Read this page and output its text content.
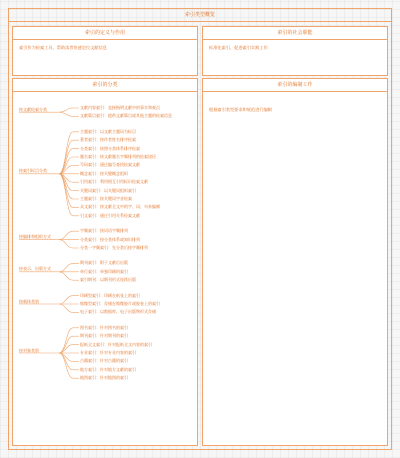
索引类型概览
索引的定义与作用
索引作为检索工具，帮助读者快速定位文献信息
索引的社会职能
标准化索引，促进索引实践工作
索引的分类
按文献检索分类	文献内容索引：直接指明文献中的事实和观点
文献篇目索引：提供文献篇目或其他主题的检索信息
按索引标目分类
主题索引：以文献主题词为标目
著者索引：按作者姓名排序检索
分类索引：按照分类体系排序检索
题名索引：按文献题名字顺排列的检索途径
号码索引：通过编号查找检索文献
概念索引：按关键概念组织
引用索引：利用相互引用标识检索文献
关键词索引：以关键词组织索引
主题索引：按关键词字音检索
众文索引：按文献全文中的字、词、句来编制
引文索引：通过引用关系检索文献
按编排和组织方式
字顺索引：按词语字顺排列
分类索引：按分类体系或知识排列
分类一字顺索引：先分类后按字顺排列
按表示、出版方式
期刊索引：附于文献后出版
单行索引：单独印刷的索引
索引期刊：以期刊形式连续出版
按载体类别
印刷型索引：印刷在纸张上的索引
缩微型索引：存储在缩微胶片或胶卷上的索引
电子索引：以数据库、电子出版物形式存储
按对象类别
图书索引：针对图书的索引
期刊索引：针对期刊的索引
报纸全文索引：针对报纸全文内容的索引
专业索引：针对专业内容的索引
古籍索引：针对古籍的索引
地方索引：针对地方文献的索引
地图索引：针对地图的索引
索引的编制工作
根据索引类型要求和规范进行编制
